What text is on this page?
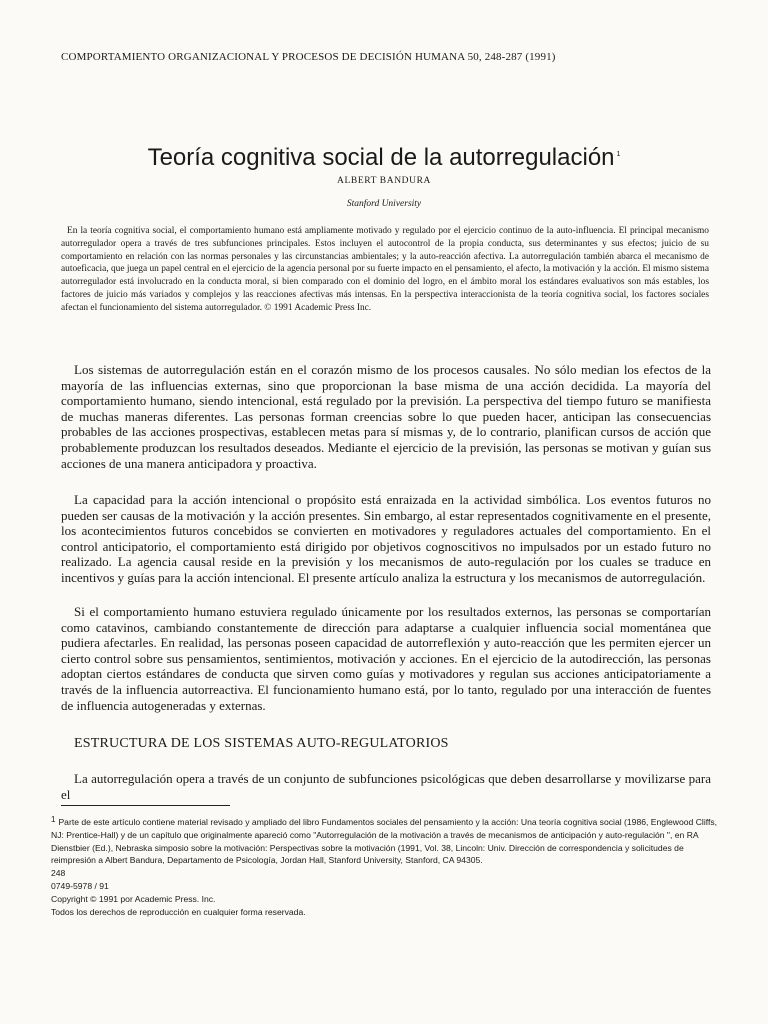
COMPORTAMIENTO ORGANIZACIONAL Y PROCESOS DE DECISIÓN HUMANA 50, 248-287 (1991)
Teoría cognitiva social de la autorregulación $^1$
ALBERT BANDURA
Stanford University

En la teoría cognitiva social, el comportamiento humano está ampliamente motivado y regulado por el ejercicio continuo de la auto-influencia. El principal mecanismo autorregulador opera a través de tres subfunciones principales. Estos incluyen el autocontrol de la propia conducta, sus determinantes y sus efectos; juicio de su comportamiento en relación con las normas personales y las circunstancias ambientales; y la auto-reacción afectiva. La autorregulación también abarca el mecanismo de autoeficacia, que juega un papel central en el ejercicio de la agencia personal por su fuerte impacto en el pensamiento, el afecto, la motivación y la acción. El mismo sistema autorregulador está involucrado en la conducta moral, si bien comparado con el dominio del logro, en el ámbito moral los estándares evaluativos son más estables, los factores de juicio más variados y complejos y las reacciones afectivas más intensas. En la perspectiva interaccionista de la teoría cognitiva social, los factores sociales afectan el funcionamiento del sistema autorregulador. © 1991 Academic Press Inc.

Los sistemas de autorregulación están en el corazón mismo de los procesos causales. No sólo median los efectos de la mayoría de las influencias externas, sino que proporcionan la base misma de una acción decidida. La mayoría del comportamiento humano, siendo intencional, está regulado por la previsión. La perspectiva del tiempo futuro se manifiesta de muchas maneras diferentes. Las personas forman creencias sobre lo que pueden hacer, anticipan las consecuencias probables de las acciones prospectivas, establecen metas para sí mismas y, de lo contrario, planifican cursos de acción que probablemente produzcan los resultados deseados. Mediante el ejercicio de la previsión, las personas se motivan y guían sus acciones de una manera anticipadora y proactiva.

La capacidad para la acción intencional o propósito está enraizada en la actividad simbólica. Los eventos futuros no pueden ser causas de la motivación y la acción presentes. Sin embargo, al estar representados cognitivamente en el presente, los acontecimientos futuros concebidos se convierten en motivadores y reguladores actuales del comportamiento. En el control anticipatorio, el comportamiento está dirigido por objetivos cognoscitivos no impulsados por un estado futuro no realizado. La agencia causal reside en la previsión y los mecanismos de auto-regulación por los cuales se traduce en incentivos y guías para la acción intencional. El presente artículo analiza la estructura y los mecanismos de autorregulación.

Si el comportamiento humano estuviera regulado únicamente por los resultados externos, las personas se comportarían como catavinos, cambiando constantemente de dirección para adaptarse a cualquier influencia social momentánea que pudiera afectarles. En realidad, las personas poseen capacidad de autorreflexión y auto-reacción que les permiten ejercer un cierto control sobre sus pensamientos, sentimientos, motivación y acciones. En el ejercicio de la autodirección, las personas adoptan ciertos estándares de conducta que sirven como guías y motivadores y regulan sus acciones anticipatoriamente a través de la influencia autorreactiva. El funcionamiento humano está, por lo tanto, regulado por una interacción de fuentes de influencia autogeneradas y externas.

ESTRUCTURA DE LOS SISTEMAS AUTO-REGULATORIOS

La autorregulación opera a través de un conjunto de subfunciones psicológicas que deben desarrollarse y movilizarse para el

$^1$ Parte de este artículo contiene material revisado y ampliado del libro Fundamentos sociales del pensamiento y la acción: Una teoría cognitiva social (1986, Englewood Cliffs, NJ: Prentice-Hall) y de un capítulo que originalmente apareció como "Autorregulación de la motivación a través de mecanismos de anticipación y auto-regulación ", en RA Dienstbier (Ed.), Nebraska simposio sobre la motivación: Perspectivas sobre la motivación (1991, Vol. 38, Lincoln: Univ. Dirección de correspondencia y solicitudes de reimpresión a Albert Bandura, Departamento de Psicología, Jordan Hall, Stanford University, Stanford, CA 94305.

248

0749-5978 / 91

Copyright © 1991 por Academic Press. Inc.

Todos los derechos de reproducción en cualquier forma reservada.
